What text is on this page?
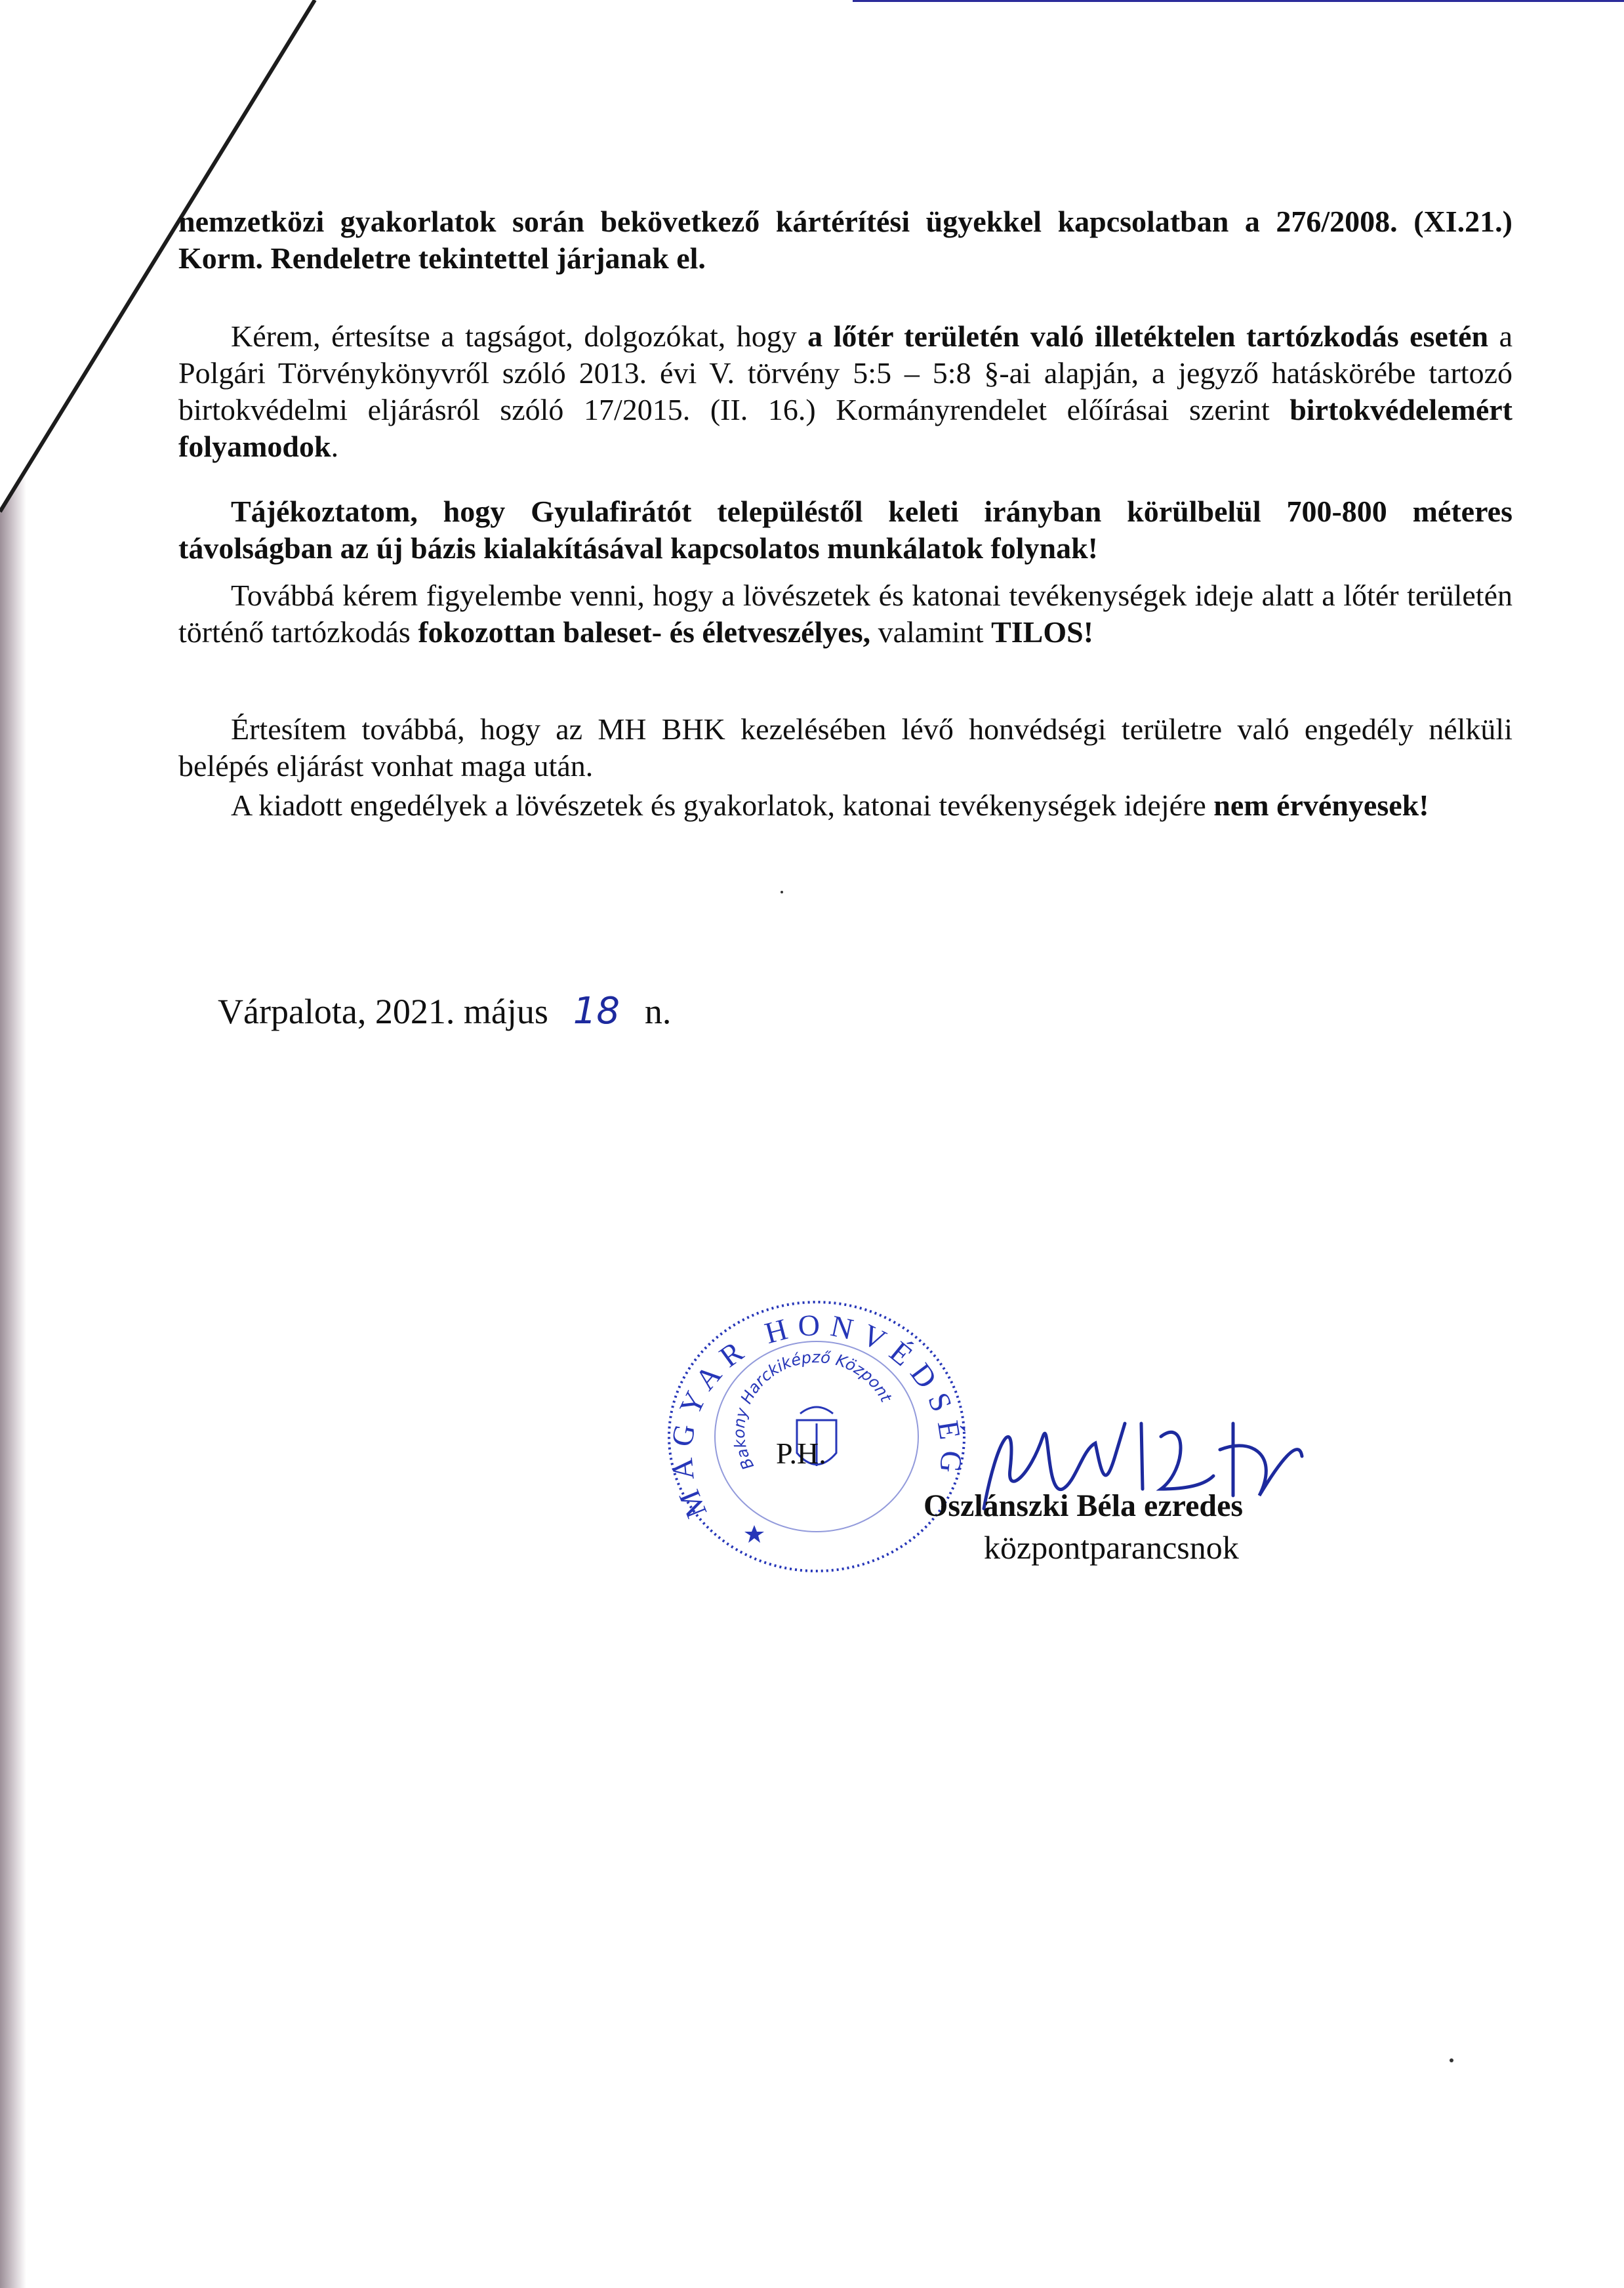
nemzetközi gyakorlatok során bekövetkező kártérítési ügyekkel kapcsolatban a 276/2008. (XI.21.) Korm. Rendeletre tekintettel járjanak el.

Kérem, értesítse a tagságot, dolgozókat, hogy a lőtér területén való illetéktelen tartózkodás esetén a Polgári Törvénykönyvről szóló 2013. évi V. törvény 5:5 – 5:8 §-ai alapján, a jegyző hatáskörébe tartozó birtokvédelmi eljárásról szóló 17/2015. (II. 16.) Kormányrendelet előírásai szerint birtokvédelemért folyamodok.

Tájékoztatom, hogy Gyulafirátót településtől keleti irányban körülbelül 700-800 méteres távolságban az új bázis kialakításával kapcsolatos munkálatok folynak!

Továbbá kérem figyelembe venni, hogy a lövészetek és katonai tevékenységek ideje alatt a lőtér területén történő tartózkodás fokozottan baleset- és életveszélyes, valamint TILOS!

Értesítem továbbá, hogy az MH BHK kezelésében lévő honvédségi területre való engedély nélküli belépés eljárást vonhat maga után.

A kiadott engedélyek a lövészetek és gyakorlatok, katonai tevékenységek idejére nem érvényesek!

Várpalota, 2021. május 18 n.
MAGYAR HONVÉDSÉG
Bakony Harckiképző Központ
P.H.
Oszlánszki Béla ezredes
központparancsnok
